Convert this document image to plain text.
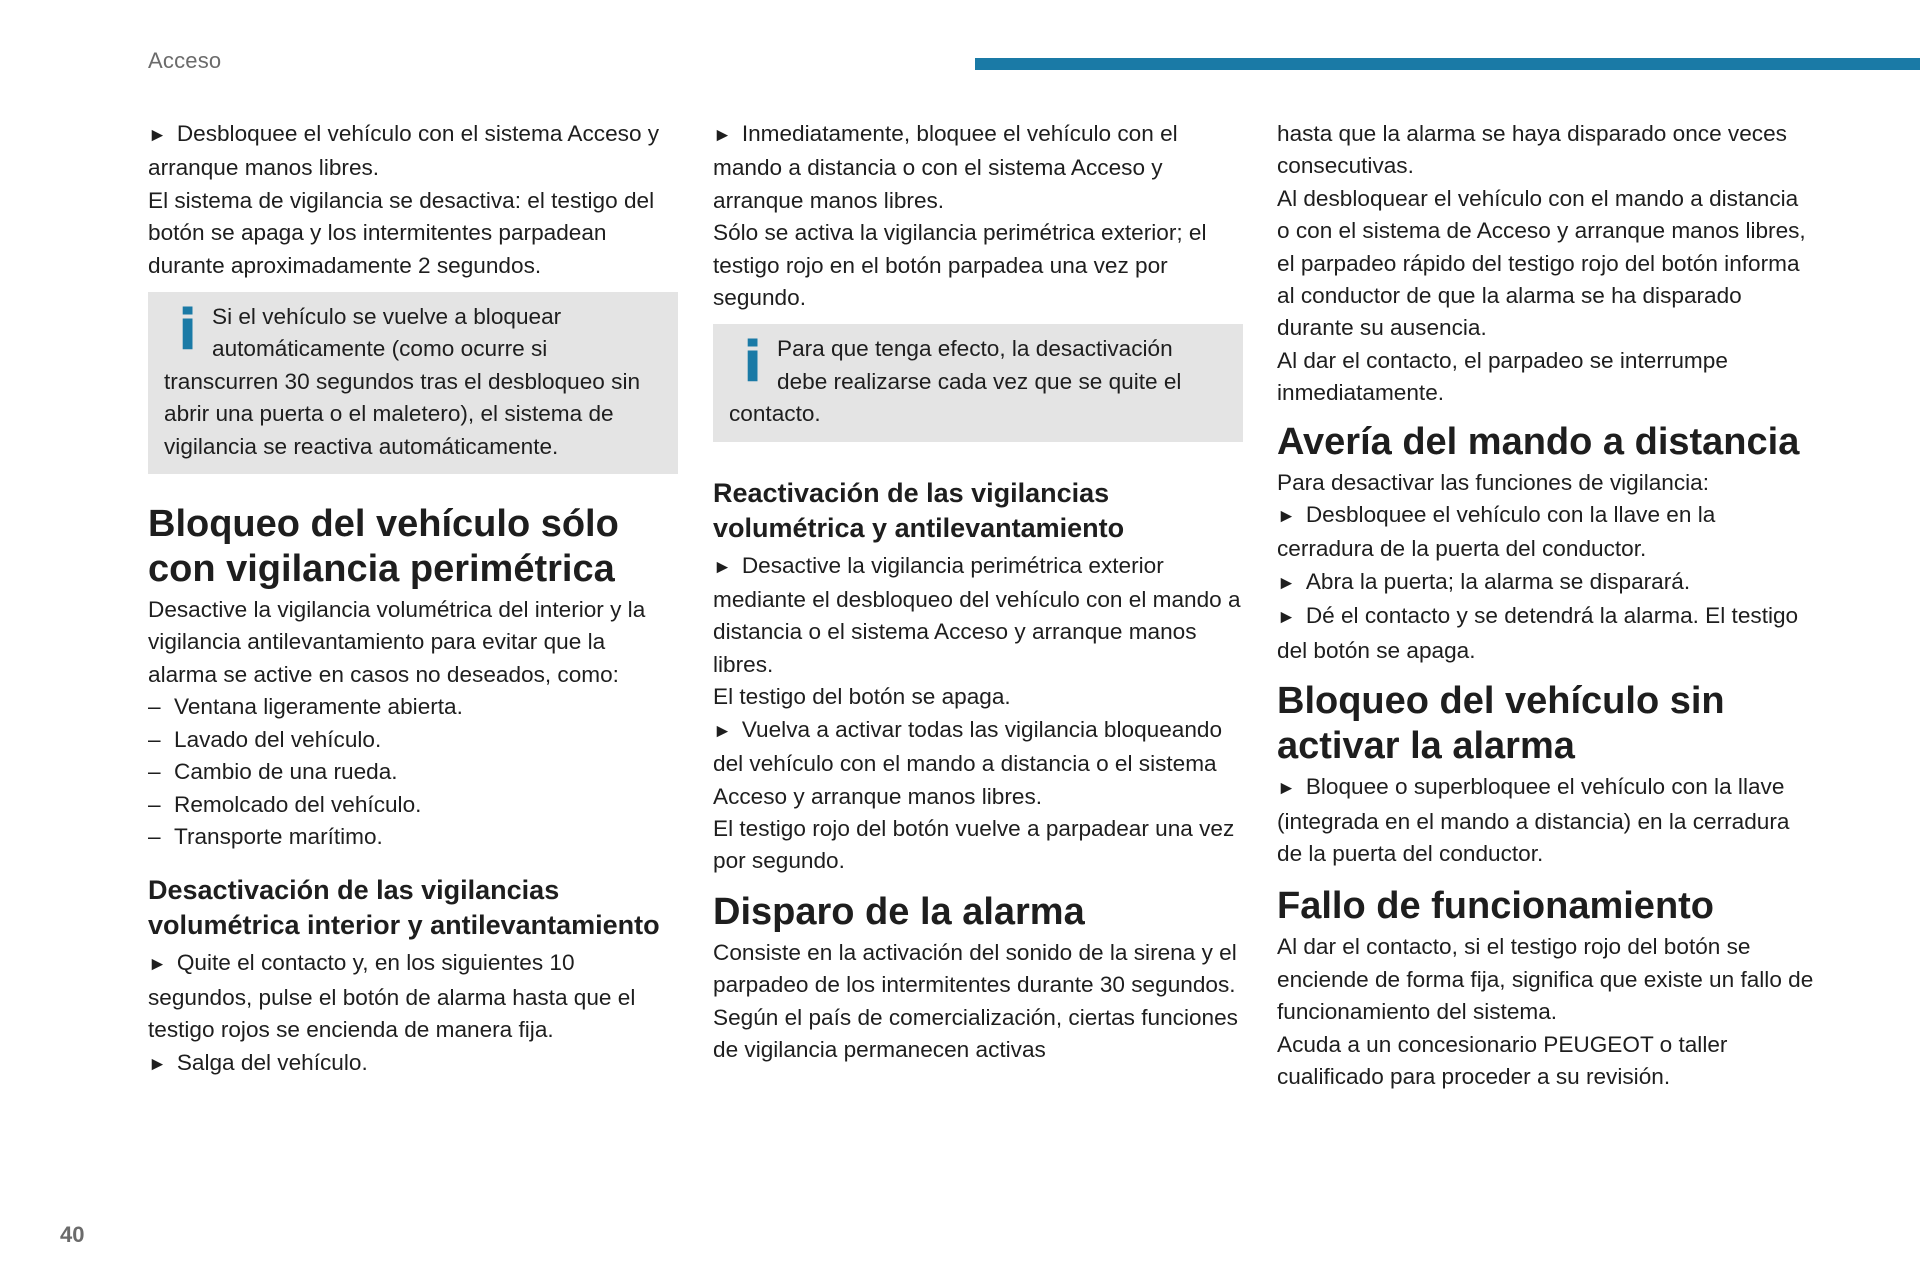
Acceso

► Desbloquee el vehículo con el sistema Acceso y arranque manos libres.

El sistema de vigilancia se desactiva: el testigo del botón se apaga y los intermitentes parpadean durante aproximadamente 2 segundos.

i Si el vehículo se vuelve a bloquear automáticamente (como ocurre si transcurren 30 segundos tras el desbloqueo sin abrir una puerta o el maletero), el sistema de vigilancia se reactiva automáticamente.

Bloqueo del vehículo sólo con vigilancia perimétrica

Desactive la vigilancia volumétrica del interior y la vigilancia antilevantamiento para evitar que la alarma se active en casos no deseados, como:

– Ventana ligeramente abierta.
– Lavado del vehículo.
– Cambio de una rueda.
– Remolcado del vehículo.
– Transporte marítimo.
Desactivación de las vigilancias volumétrica interior y antilevantamiento

► Quite el contacto y, en los siguientes 10 segundos, pulse el botón de alarma hasta que el testigo rojos se encienda de manera fija.

► Salga del vehículo.

► Inmediatamente, bloquee el vehículo con el mando a distancia o con el sistema Acceso y arranque manos libres.

Sólo se activa la vigilancia perimétrica exterior; el testigo rojo en el botón parpadea una vez por segundo.

i Para que tenga efecto, la desactivación debe realizarse cada vez que se quite el contacto.

Reactivación de las vigilancias volumétrica y antilevantamiento

► Desactive la vigilancia perimétrica exterior mediante el desbloqueo del vehículo con el mando a distancia o el sistema Acceso y arranque manos libres.

El testigo del botón se apaga.

► Vuelva a activar todas las vigilancia bloqueando del vehículo con el mando a distancia o el sistema Acceso y arranque manos libres.

El testigo rojo del botón vuelve a parpadear una vez por segundo.

Disparo de la alarma

Consiste en la activación del sonido de la sirena y el parpadeo de los intermitentes durante 30 segundos.

Según el país de comercialización, ciertas funciones de vigilancia permanecen activas

hasta que la alarma se haya disparado once veces consecutivas.

Al desbloquear el vehículo con el mando a distancia o con el sistema de Acceso y arranque manos libres, el parpadeo rápido del testigo rojo del botón informa al conductor de que la alarma se ha disparado durante su ausencia.

Al dar el contacto, el parpadeo se interrumpe inmediatamente.

Avería del mando a distancia

Para desactivar las funciones de vigilancia:

► Desbloquee el vehículo con la llave en la cerradura de la puerta del conductor.

► Abra la puerta; la alarma se disparará.

► Dé el contacto y se detendrá la alarma. El testigo del botón se apaga.

Bloqueo del vehículo sin activar la alarma

► Bloquee o superbloquee el vehículo con la llave (integrada en el mando a distancia) en la cerradura de la puerta del conductor.

Fallo de funcionamiento

Al dar el contacto, si el testigo rojo del botón se enciende de forma fija, significa que existe un fallo de funcionamiento del sistema.

Acuda a un concesionario PEUGEOT o taller cualificado para proceder a su revisión.

40
